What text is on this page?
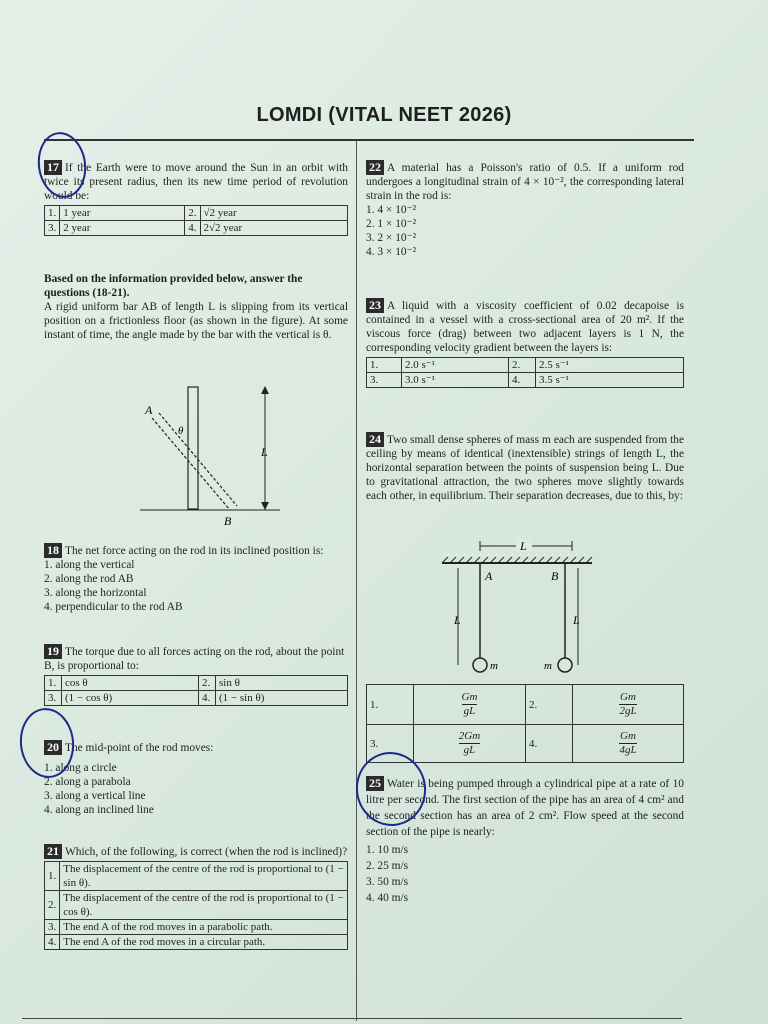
LOMDI (VITAL NEET 2026)

17 If the Earth were to move around the Sun in an orbit with twice its present radius, then its new time period of revolution would be:

1.	1 year	2.	√2 year
3.	2 year	4.	2√2 year
Based on the information provided below, answer the questions (18-21).
A rigid uniform bar AB of length L is slipping from its vertical position on a frictionless floor (as shown in the figure). At some instant of time, the angle made by the bar with the vertical is θ.
A
B
L
θ

18 The net force acting on the rod in its inclined position is:

1. along the vertical
2. along the rod AB
3. along the horizontal
4. perpendicular to the rod AB

19 The torque due to all forces acting on the rod, about the point B, is proportional to:

1.	cos θ	2.	sin θ
3.	(1 − cos θ)	4.	(1 − sin θ)

20 The mid-point of the rod moves:

1. along a circle
2. along a parabola
3. along a vertical line
4. along an inclined line

21 Which, of the following, is correct (when the rod is inclined)?

1.	The displacement of the centre of the rod is proportional to (1 − sin θ).
2.	The displacement of the centre of the rod is proportional to (1 − cos θ).
3.	The end A of the rod moves in a parabolic path.
4.	The end A of the rod moves in a circular path.

22 A material has a Poisson's ratio of 0.5. If a uniform rod undergoes a longitudinal strain of 4 × 10⁻², the corresponding lateral strain in the rod is:

1. 4 × 10⁻²
2. 1 × 10⁻²
3. 2 × 10⁻²
4. 3 × 10⁻²

23 A liquid with a viscosity coefficient of 0.02 decapoise is contained in a vessel with a cross-sectional area of 20 m². If the viscous force (drag) between two adjacent layers is 1 N, the corresponding velocity gradient between the layers is:

1.	2.0 s⁻¹	2.	2.5 s⁻¹
3.	3.0 s⁻¹	4.	3.5 s⁻¹

24 Two small dense spheres of mass m each are suspended from the ceiling by means of identical (inextensible) strings of length L, the horizontal separation between the points of suspension being L. Due to gravitational attraction, the two spheres move slightly towards each other, in equilibrium. Their separation decreases, due to this, by:

L
L	L
A	B
m	m
1.	$\frac{Gm}{gL}$	2.	$\frac{Gm}{2gL}$

3.	$\frac{2Gm}{gL}$	4.	$\frac{Gm}{4gL}$

25 Water is being pumped through a cylindrical pipe at a rate of 10 litre per second. The first section of the pipe has an area of 4 cm² and the second section has an area of 2 cm². Flow speed at the second section of the pipe is nearly:

1. 10 m/s
2. 25 m/s
3. 50 m/s
4. 40 m/s
